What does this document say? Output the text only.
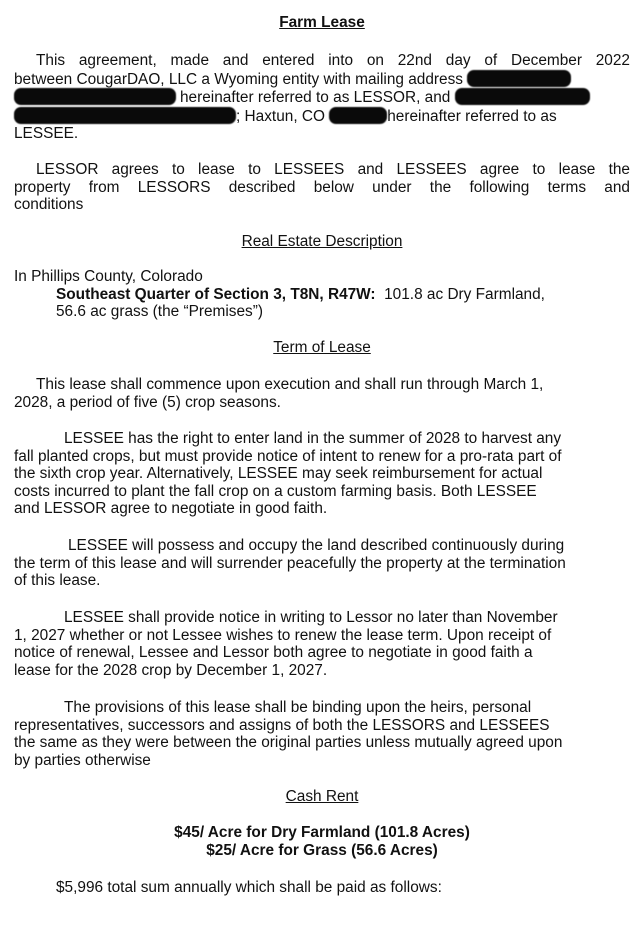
Farm Lease
This agreement, made and entered into on 22nd day of December 2022
between CougarDAO, LLC a Wyoming entity with mailing address
hereinafter referred to as LESSOR, and
; Haxtun, CO	hereinafter referred to as
LESSEE.
LESSOR agrees to lease to LESSEES and LESSEES agree to lease the
property from LESSORS described below under the following terms and
conditions
Real Estate Description
In Phillips County, Colorado
Southeast Quarter of Section 3, T8N, R47W: 101.8 ac Dry Farmland,
56.6 ac grass (the “Premises”)
Term of Lease
This lease shall commence upon execution and shall run through March 1,
2028, a period of five (5) crop seasons.
LESSEE has the right to enter land in the summer of 2028 to harvest any
fall planted crops, but must provide notice of intent to renew for a pro-rata part of
the sixth crop year. Alternatively, LESSEE may seek reimbursement for actual
costs incurred to plant the fall crop on a custom farming basis. Both LESSEE
and LESSOR agree to negotiate in good faith.
LESSEE will possess and occupy the land described continuously during
the term of this lease and will surrender peacefully the property at the termination
of this lease.
LESSEE shall provide notice in writing to Lessor no later than November
1, 2027 whether or not Lessee wishes to renew the lease term. Upon receipt of
notice of renewal, Lessee and Lessor both agree to negotiate in good faith a
lease for the 2028 crop by December 1, 2027.
The provisions of this lease shall be binding upon the heirs, personal
representatives, successors and assigns of both the LESSORS and LESSEES
the same as they were between the original parties unless mutually agreed upon
by parties otherwise
Cash Rent
$45/ Acre for Dry Farmland (101.8 Acres)
$25/ Acre for Grass (56.6 Acres)
$5,996 total sum annually which shall be paid as follows:
